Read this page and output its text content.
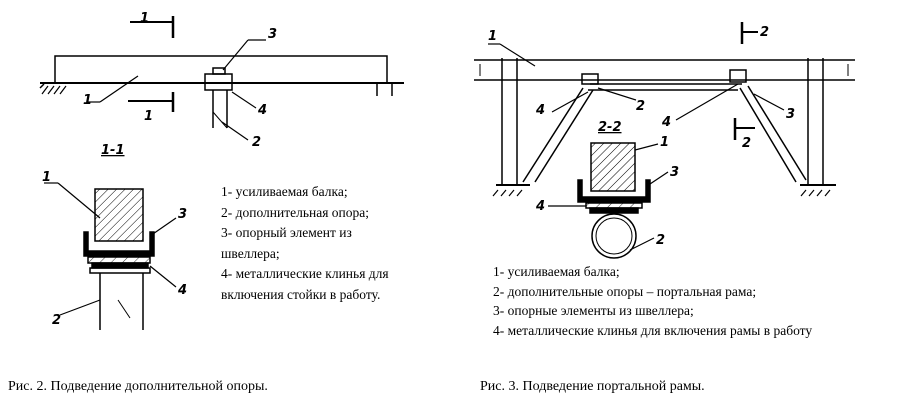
1
1
1
3
4
2
1-1
1
3
4
2
1	2
2
2
3
4
4
2-2
1
3
4
2
1- усиливаемая балка;
2- дополнительная опора;
3- опорный элемент из
швеллера;
4- металлические клинья для
включения стойки в работу.
1- усиливаемая балка;
2- дополнительные опоры – портальная рама;
3- опорные элементы из швеллера;
4- металлические клинья для включения рамы в работу
Рис. 2. Подведение дополнительной опоры.	Рис. 3. Подведение портальной рамы.
